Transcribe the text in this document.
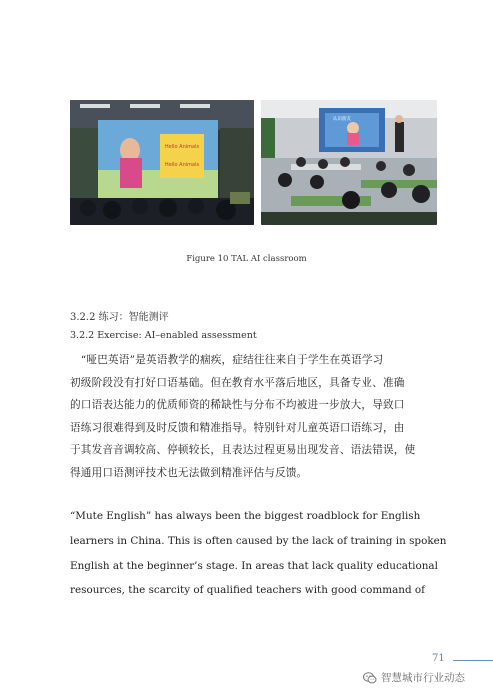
Hello Animals
Hello Animals
认识朋友
Figure 10 TAL AI classroom
3.2.2 练习：智能测评
3.2.2 Exercise: AI–enabled assessment
　“哑巴英语”是英语教学的痼疾，症结往往来自于学生在英语学习
初级阶段没有打好口语基础。但在教育水平落后地区，具备专业、准确
的口语表达能力的优质师资的稀缺性与分布不均被进一步放大，导致口
语练习很难得到及时反馈和精准指导。特别针对儿童英语口语练习，由
于其发音音调较高、停顿较长，且表达过程更易出现发音、语法错误，使
得通用口语测评技术也无法做到精准评估与反馈。
“Mute English” has always been the biggest roadblock for English
learners in China. This is often caused by the lack of training in spoken
English at the beginner’s stage. In areas that lack quality educational
resources, the scarcity of qualified teachers with good command of
71
智慧城市行业动态
